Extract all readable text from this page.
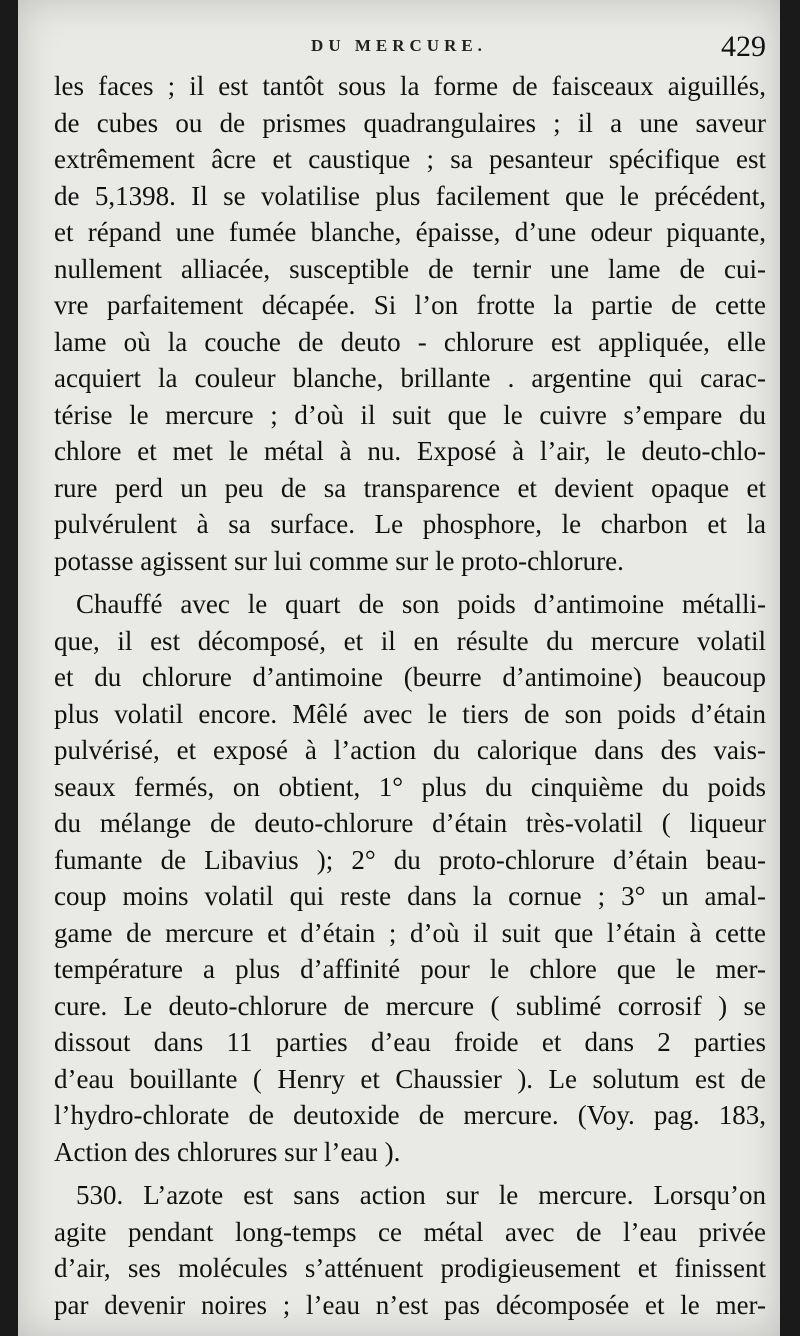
DU MERCURE.	429
les faces ; il est tantôt sous la forme de faisceaux aiguillés,
de cubes ou de prismes quadrangulaires ; il a une saveur
extrêmement âcre et caustique ; sa pesanteur spécifique est
de 5,1398. Il se volatilise plus facilement que le précédent,
et répand une fumée blanche, épaisse, d’une odeur piquante,
nullement alliacée, susceptible de ternir une lame de cui-
vre parfaitement décapée. Si l’on frotte la partie de cette
lame où la couche de deuto - chlorure est appliquée, elle
acquiert la couleur blanche, brillante . argentine qui carac-
térise le mercure ; d’où il suit que le cuivre s’empare du
chlore et met le métal à nu. Exposé à l’air, le deuto-chlo-
rure perd un peu de sa transparence et devient opaque et
pulvérulent à sa surface. Le phosphore, le charbon et la
potasse agissent sur lui comme sur le proto-chlorure.
Chauffé avec le quart de son poids d’antimoine métalli-
que, il est décomposé, et il en résulte du mercure volatil
et du chlorure d’antimoine (beurre d’antimoine) beaucoup
plus volatil encore. Mêlé avec le tiers de son poids d’étain
pulvérisé, et exposé à l’action du calorique dans des vais-
seaux fermés, on obtient, 1° plus du cinquième du poids
du mélange de deuto-chlorure d’étain très-volatil ( liqueur
fumante de Libavius ); 2° du proto-chlorure d’étain beau-
coup moins volatil qui reste dans la cornue ; 3° un amal-
game de mercure et d’étain ; d’où il suit que l’étain à cette
température a plus d’affinité pour le chlore que le mer-
cure. Le deuto-chlorure de mercure ( sublimé corrosif ) se
dissout dans 11 parties d’eau froide et dans 2 parties
d’eau bouillante ( Henry et Chaussier ). Le solutum est de
l’hydro-chlorate de deutoxide de mercure. (Voy. pag. 183,
Action des chlorures sur l’eau ).
530. L’azote est sans action sur le mercure. Lorsqu’on
agite pendant long-temps ce métal avec de l’eau privée
d’air, ses molécules s’atténuent prodigieusement et finissent
par devenir noires ; l’eau n’est pas décomposée et le mer-
